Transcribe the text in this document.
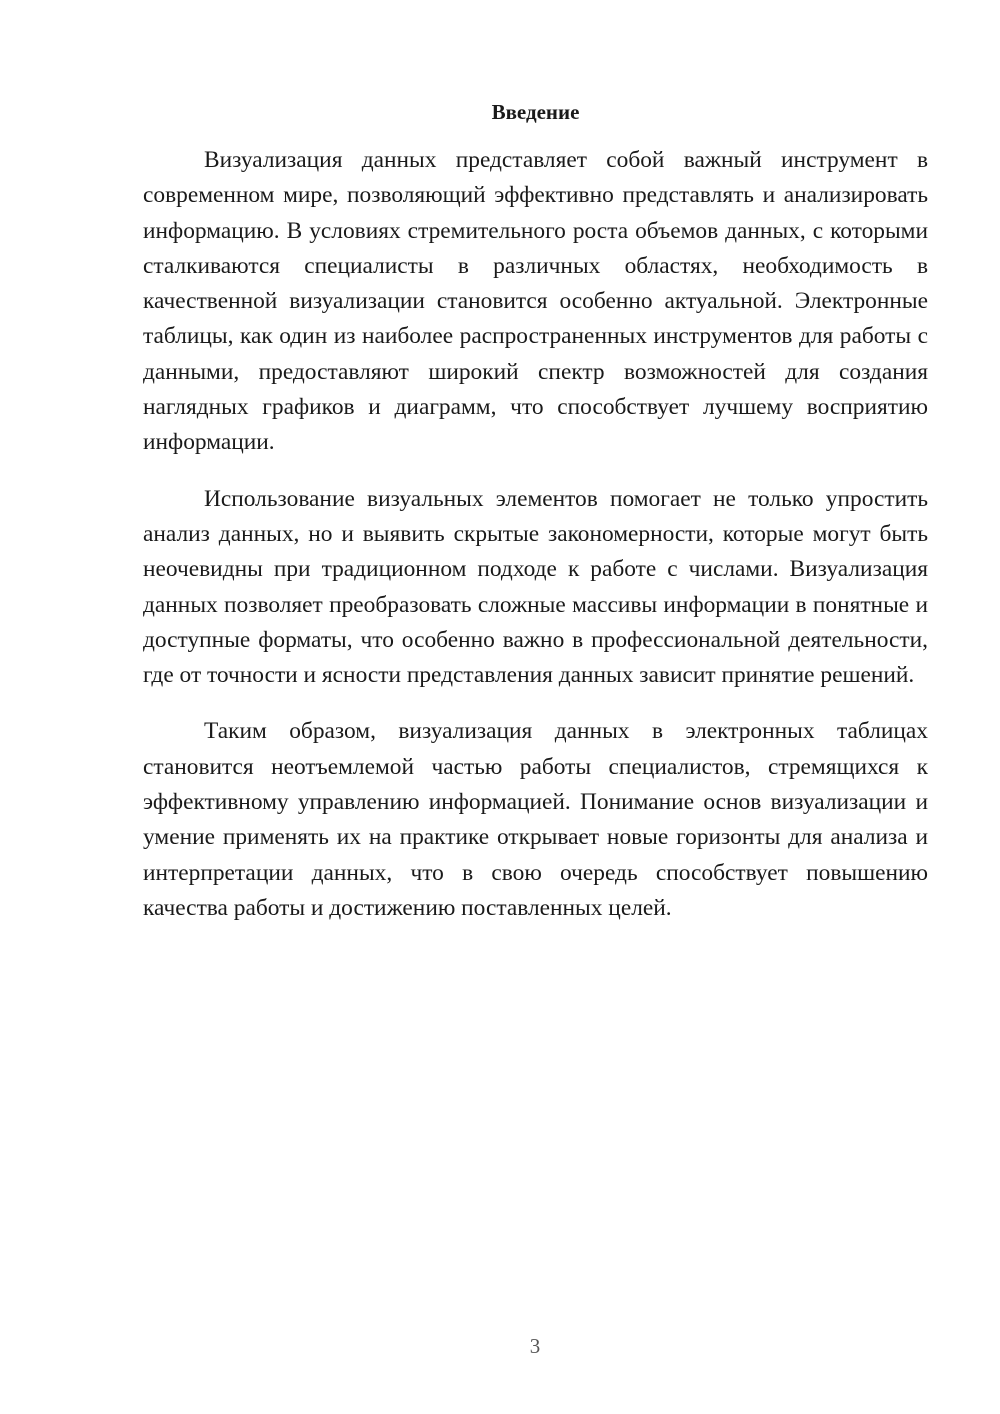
Введение

Визуализация данных представляет собой важный инструмент в современном мире, позволяющий эффективно представлять и анализировать информацию. В условиях стремительного роста объемов данных, с которыми сталкиваются специалисты в различных областях, необходимость в качественной визуализации становится особенно актуальной. Электронные таблицы, как один из наиболее распространенных инструментов для работы с данными, предоставляют широкий спектр возможностей для создания наглядных графиков и диаграмм, что способствует лучшему восприятию информации.

Использование визуальных элементов помогает не только упростить анализ данных, но и выявить скрытые закономерности, которые могут быть неочевидны при традиционном подходе к работе с числами. Визуализация данных позволяет преобразовать сложные массивы информации в понятные и доступные форматы, что особенно важно в профессиональной деятельности, где от точности и ясности представления данных зависит принятие решений.

Таким образом, визуализация данных в электронных таблицах становится неотъемлемой частью работы специалистов, стремящихся к эффективному управлению информацией. Понимание основ визуализации и умение применять их на практике открывает новые горизонты для анализа и интерпретации данных, что в свою очередь способствует повышению качества работы и достижению поставленных целей.

3
